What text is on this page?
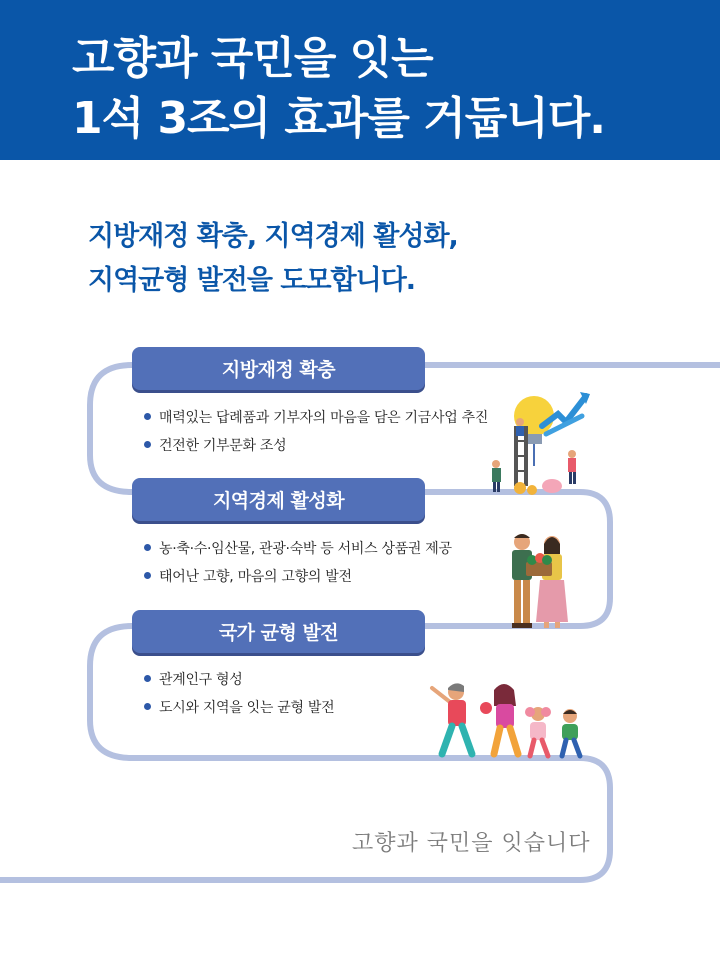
고향과 국민을 잇는
1석 3조의 효과를 거둡니다.
지방재정 확충, 지역경제 활성화,
지역균형 발전을 도모합니다.
지방재정 확충
매력있는 답례품과 기부자의 마음을 담은 기금사업 추진
건전한 기부문화 조성
지역경제 활성화
농·축·수·임산물, 관광·숙박 등 서비스 상품권 제공
태어난 고향, 마음의 고향의 발전
국가 균형 발전
관계인구 형성
도시와 지역을 잇는 균형 발전
고향과 국민을 잇습니다
